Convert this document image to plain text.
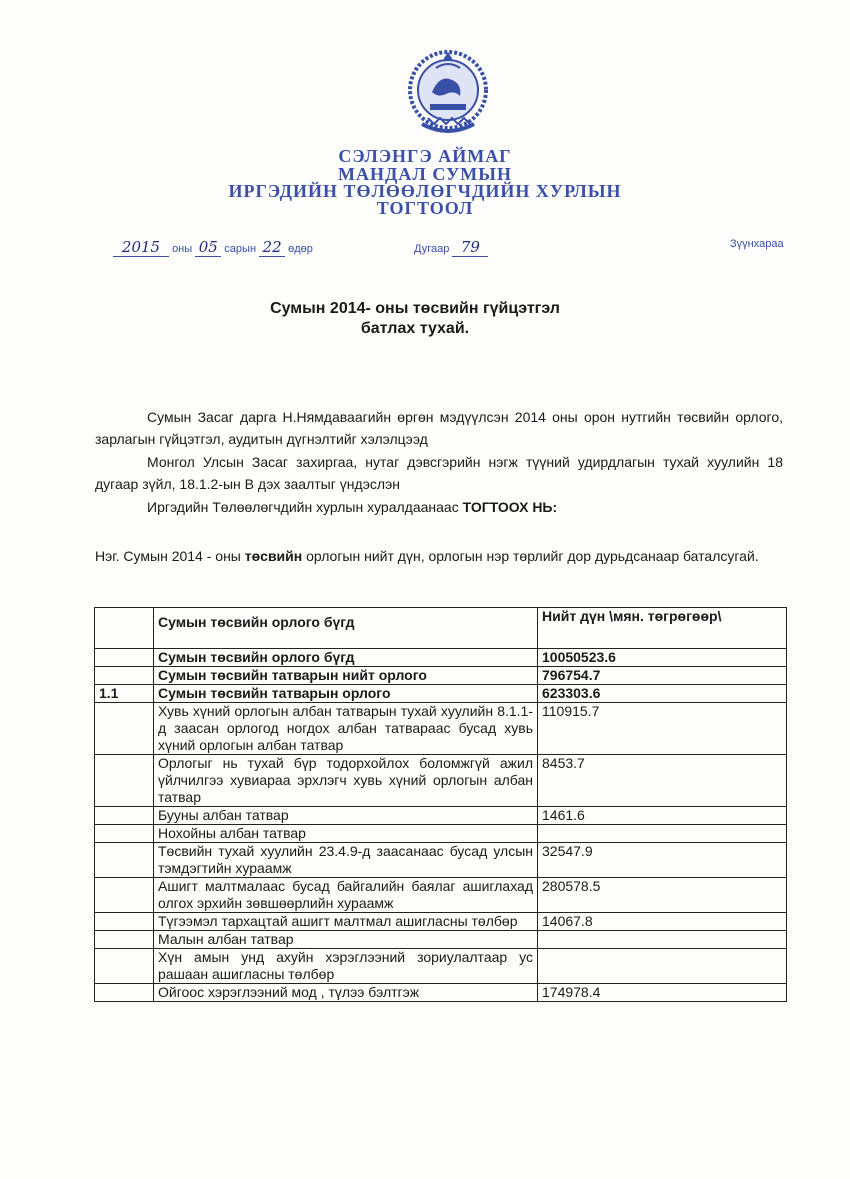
СЭЛЭНГЭ АЙМАГ
МАНДАЛ СУМЫН
ИРГЭДИЙН ТӨЛӨӨЛӨГЧДИЙН ХУРЛЫН
ТОГТООЛ
2015 оны 05 сарын 22 өдөр	Дугаар 79	Зүүнхараа
Сумын 2014- оны төсвийн гүйцэтгэл
батлах тухай.
Сумын Засаг дарга Н.Нямдаваагийн өргөн мэдүүлсэн 2014 оны орон нутгийн төсвийн орлого, зарлагын гүйцэтгэл, аудитын дүгнэлтийг хэлэлцээд
Монгол Улсын Засаг захиргаа, нутаг дэвсгэрийн нэгж түүний удирдлагын тухай хуулийн 18 дугаар зүйл, 18.1.2-ын В дэх заалтыг үндэслэн
Иргэдийн Төлөөлөгчдийн хурлын хуралдаанаас ТОГТООХ НЬ:
Нэг. Сумын 2014 - оны төсвийн орлогын нийт дүн, орлогын нэр төрлийг дор дурьдсанаар баталсугай.
	Сумын төсвийн орлого бүгд	Нийт дүн \мян. төгрөгөөр\
	Сумын төсвийн орлого бүгд	10050523.6
	Сумын төсвийн татварын нийт орлого	796754.7
1.1	Сумын төсвийн татварын орлого	623303.6
	Хувь хүний орлогын албан татварын тухай хуулийн 8.1.1-д заасан орлогод ногдох албан татвараас бусад хувь хүний орлогын албан татвар	110915.7
	Орлогыг нь тухай бүр тодорхойлох боломжгүй ажил үйлчилгээ хувиараа эрхлэгч хувь хүний орлогын албан татвар	8453.7
	Бууны албан татвар	1461.6
	Нохойны албан татвар	
	Төсвийн тухай хуулийн 23.4.9-д заасанаас бусад улсын тэмдэгтийн хураамж	32547.9
	Ашигт малтмалаас бусад байгалийн баялаг ашиглахад олгох эрхийн зөвшөөрлийн хураамж	280578.5
	Түгээмэл тархацтай ашигт малтмал ашигласны төлбөр	14067.8
	Малын албан татвар	
	Хүн амын унд ахуйн хэрэглээний зориулалтаар ус рашаан ашигласны төлбөр	
	Ойгоос хэрэглээний мод , түлээ бэлтгэж	174978.4
